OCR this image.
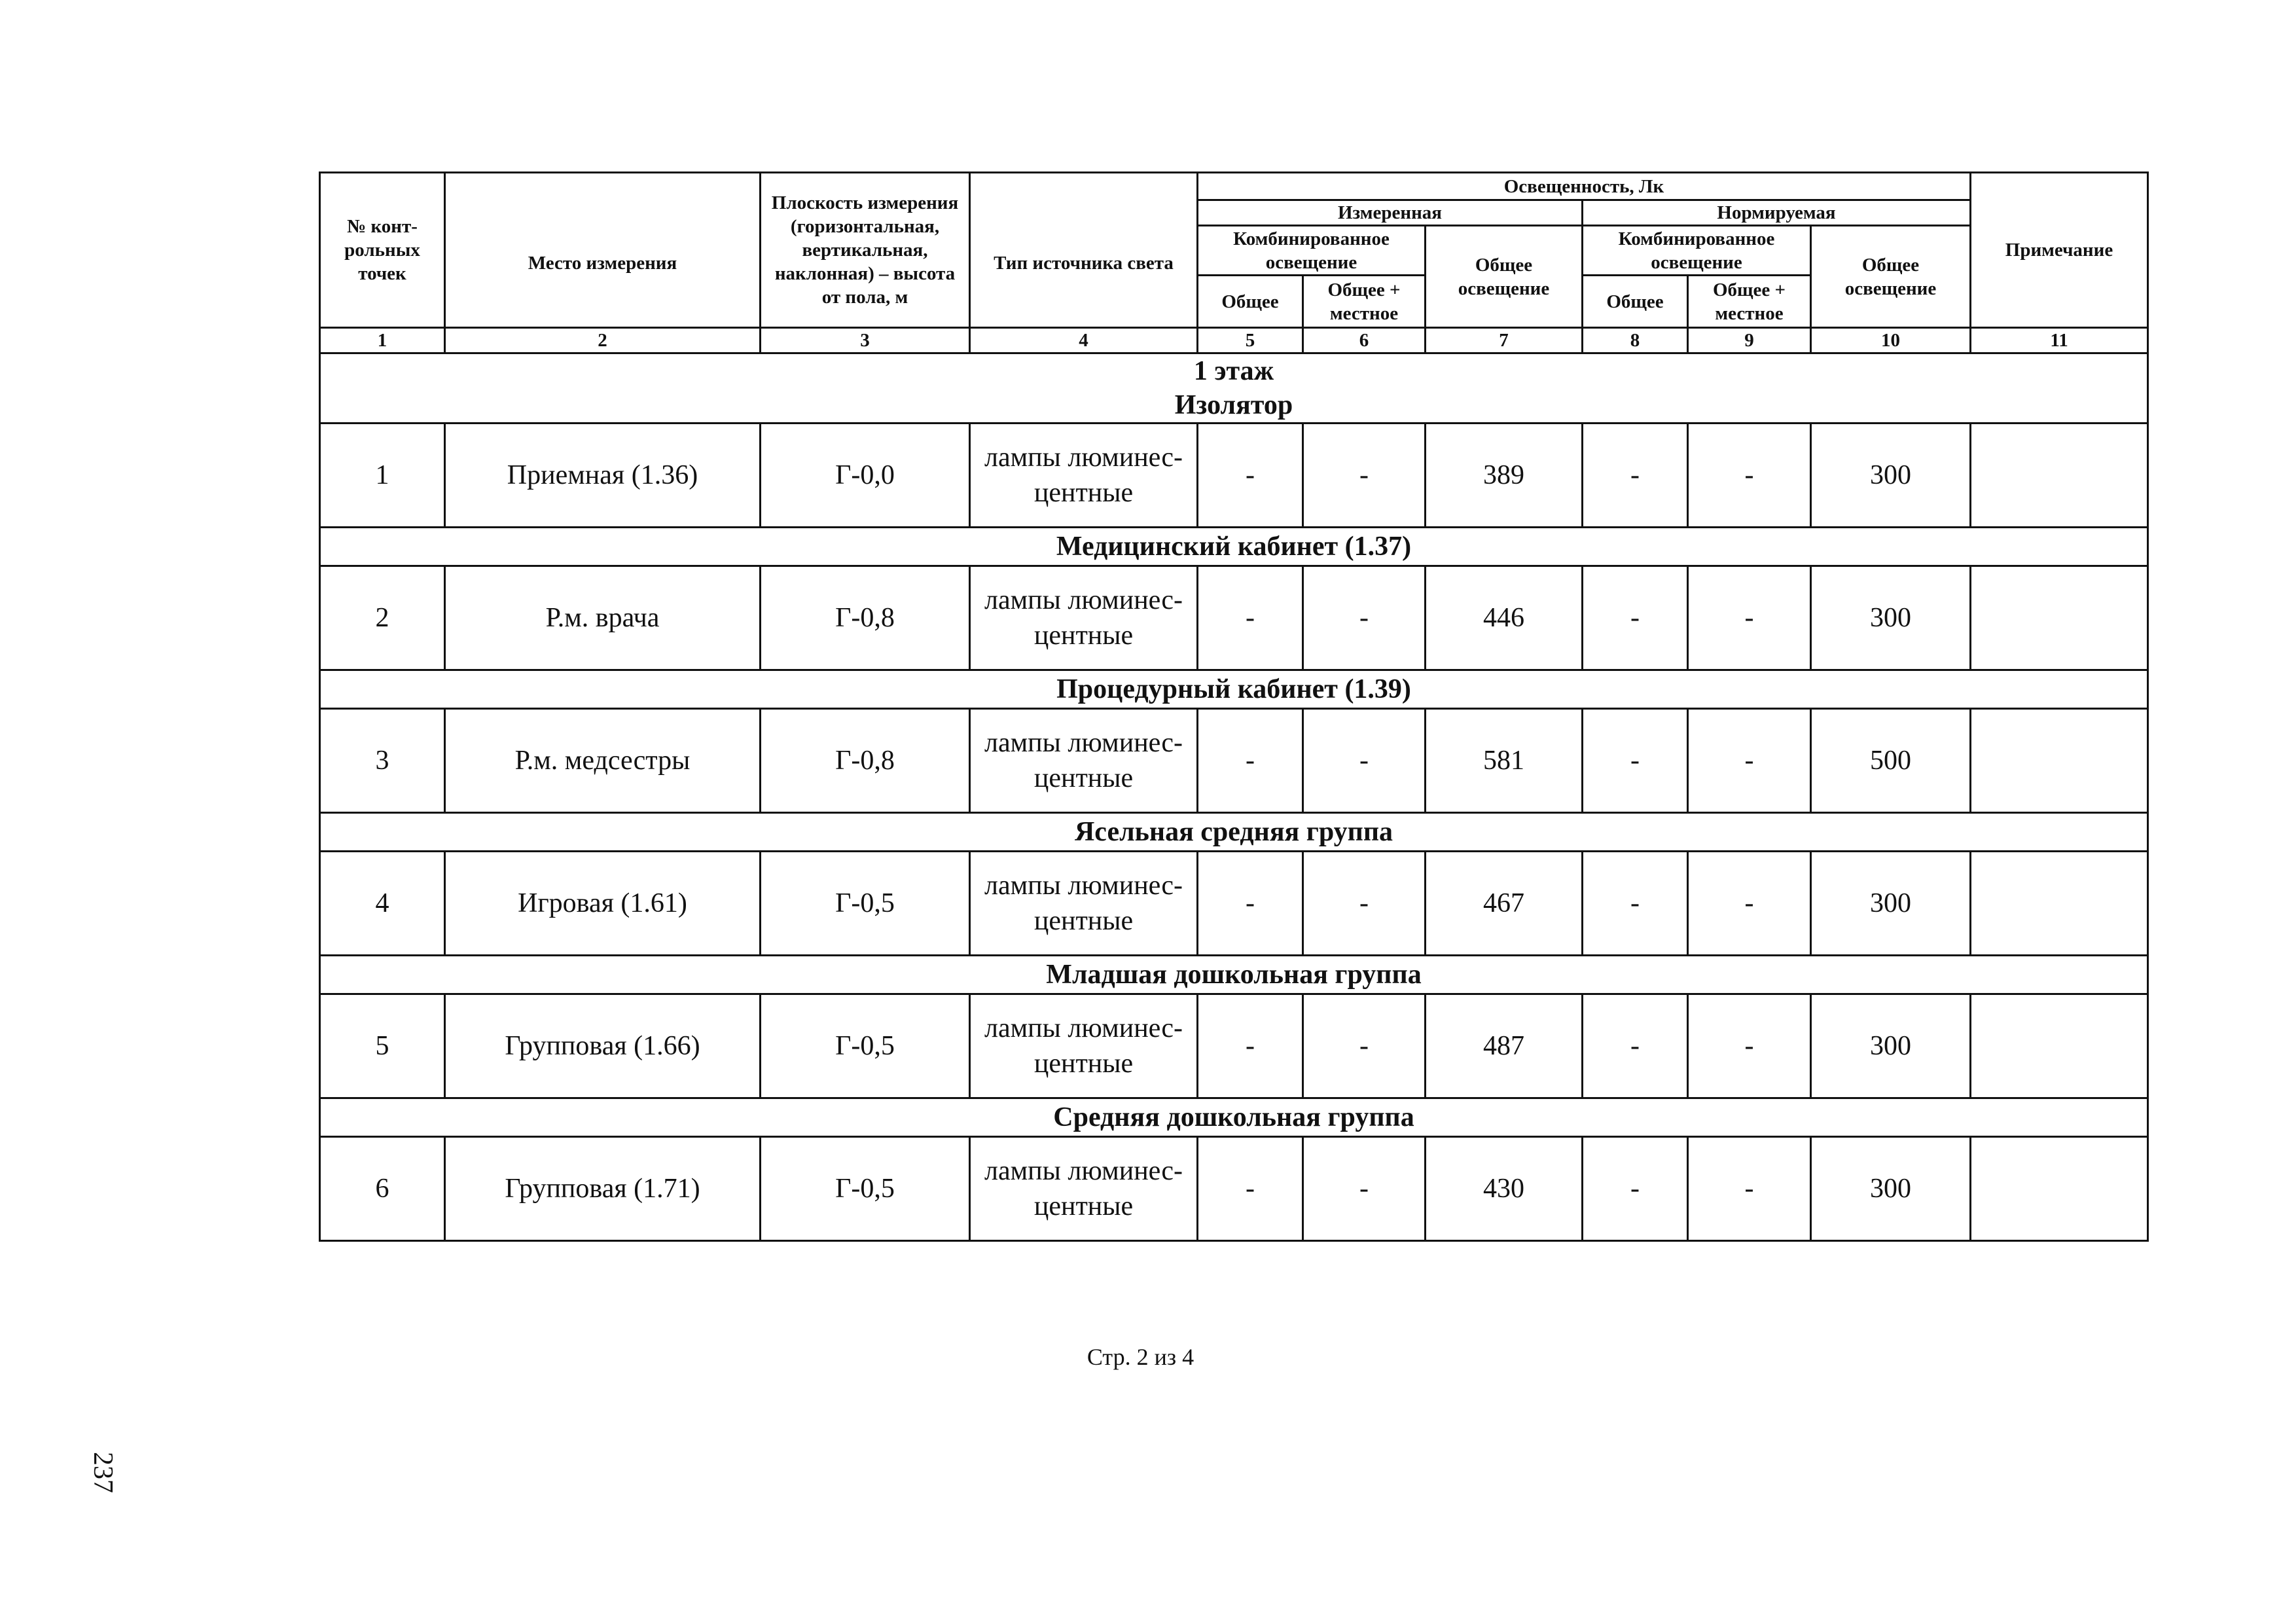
№ конт-рольных точек	Место измерения	Плоскость измерения (горизонтальная, вертикальная, наклонная) – высота от пола, м	Тип источника света	Освещенность, Лк						Примечание
				Измеренная			Нормируемая			
				Комбинированное освещение		Общее освещение	Комбинированное освещение		Общее освещение	
				Общее	Общее + местное		Общее	Общее + местное		
1	2	3	4	5	6	7	8	9	10	11

1 этаж
Изолятор										

1	Приемная (1.36)	Г-0,0	лампы люминес-центные	-	-	389	-	-	300	

Медицинский кабинет (1.37)										

2	Р.м. врача	Г-0,8	лампы люминес-центные	-	-	446	-	-	300	

Процедурный кабинет (1.39)										

3	Р.м. медсестры	Г-0,8	лампы люминес-центные	-	-	581	-	-	500	

Ясельная средняя группа										

4	Игровая (1.61)	Г-0,5	лампы люминес-центные	-	-	467	-	-	300	

Младшая дошкольная группа										

5	Групповая (1.66)	Г-0,5	лампы люминес-центные	-	-	487	-	-	300	

Средняя дошкольная группа										

6	Групповая (1.71)	Г-0,5	лампы люминес-центные	-	-	430	-	-	300	
Стр. 2 из 4
237
